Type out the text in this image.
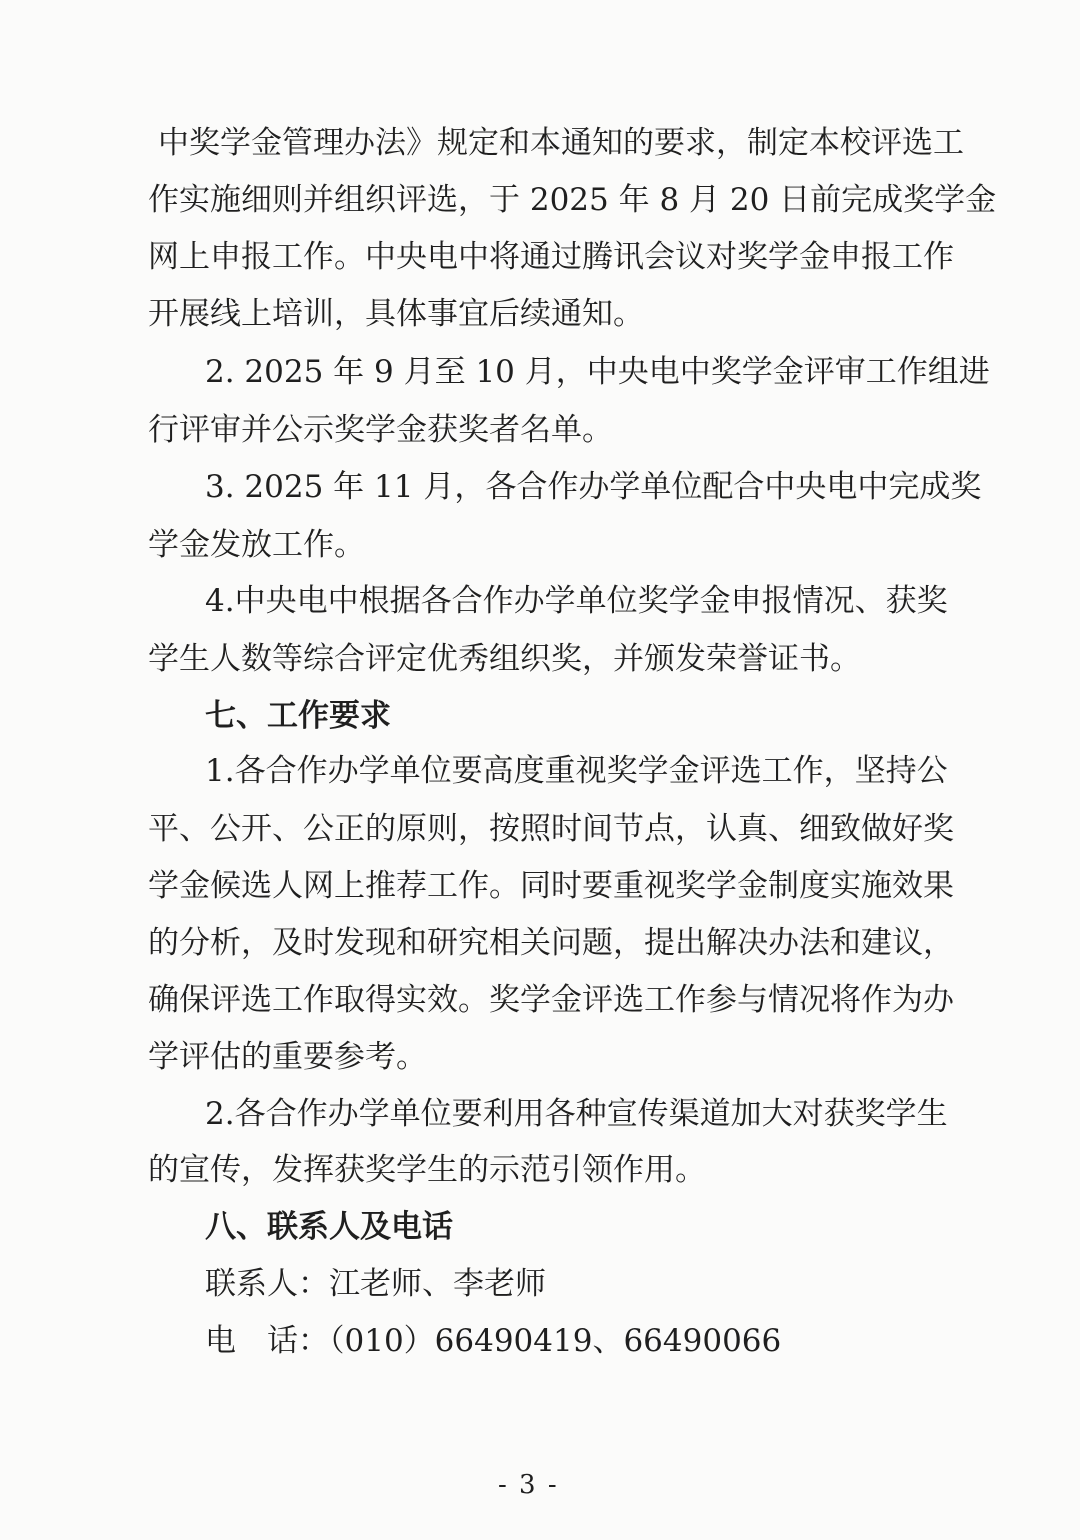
中奖学金管理办法》规定和本通知的要求，制定本校评选工
作实施细则并组织评选，于 2025 年 8 月 20 日前完成奖学金
网上申报工作。中央电中将通过腾讯会议对奖学金申报工作
开展线上培训，具体事宜后续通知。
2. 2025 年 9 月至 10 月，中央电中奖学金评审工作组进
行评审并公示奖学金获奖者名单。
3. 2025 年 11 月，各合作办学单位配合中央电中完成奖
学金发放工作。
4.中央电中根据各合作办学单位奖学金申报情况、获奖
学生人数等综合评定优秀组织奖，并颁发荣誉证书。
七、工作要求
1.各合作办学单位要高度重视奖学金评选工作，坚持公
平、公开、公正的原则，按照时间节点，认真、细致做好奖
学金候选人网上推荐工作。同时要重视奖学金制度实施效果
的分析，及时发现和研究相关问题，提出解决办法和建议，
确保评选工作取得实效。奖学金评选工作参与情况将作为办
学评估的重要参考。
2.各合作办学单位要利用各种宣传渠道加大对获奖学生
的宣传，发挥获奖学生的示范引领作用。
八、联系人及电话
联系人：江老师、李老师
电　话：（010）66490419、66490066
- 3 -
